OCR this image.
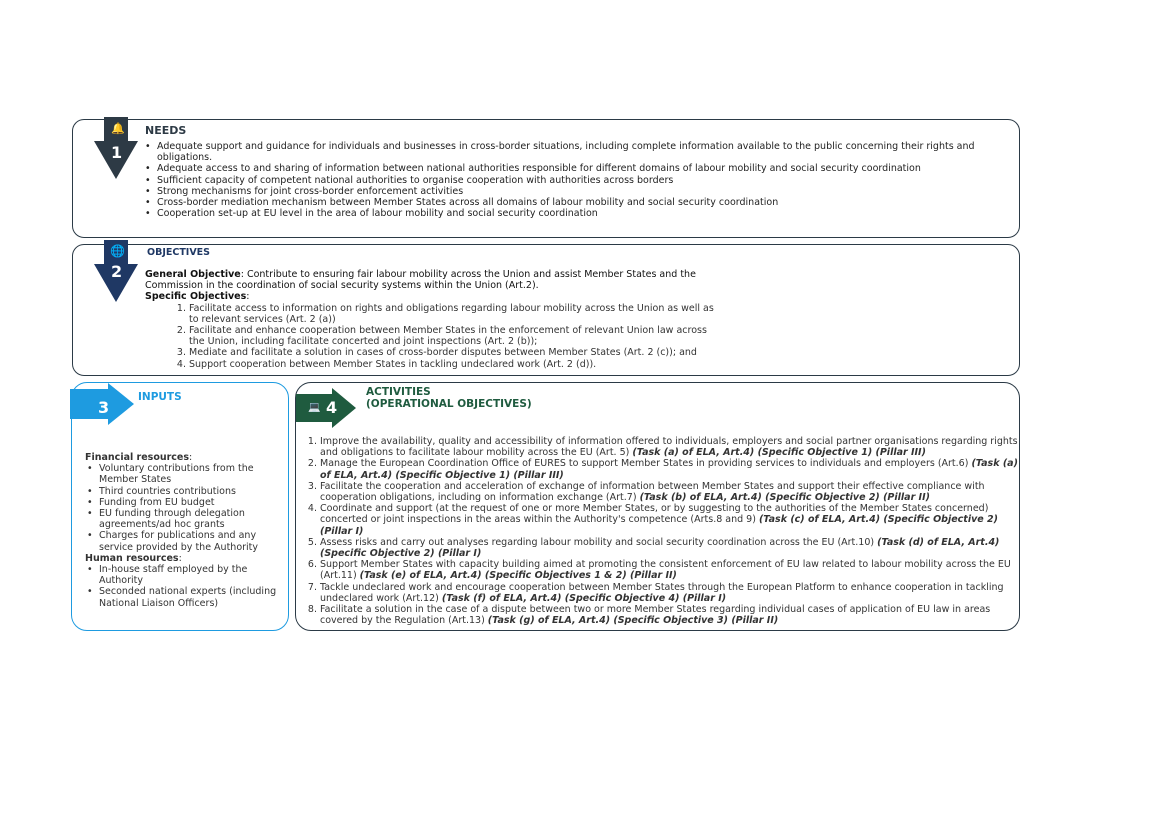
🔔
1
NEEDS
• Adequate support and guidance for individuals and businesses in cross-border situations, including complete information available to the public concerning their rights and obligations.
• Adequate access to and sharing of information between national authorities responsible for different domains of labour mobility and social security coordination
• Sufficient capacity of competent national authorities to organise cooperation with authorities across borders
• Strong mechanisms for joint cross-border enforcement activities
• Cross-border mediation mechanism between Member States across all domains of labour mobility and social security coordination
• Cooperation set-up at EU level in the area of labour mobility and social security coordination
🌐
2
OBJECTIVES
General Objective: Contribute to ensuring fair labour mobility across the Union and assist Member States and the Commission in the coordination of social security systems within the Union (Art.2).
Specific Objectives:
1. Facilitate access to information on rights and obligations regarding labour mobility across the Union as well as to relevant services (Art. 2 (a))
2. Facilitate and enhance cooperation between Member States in the enforcement of relevant Union law across the Union, including facilitate concerted and joint inspections (Art. 2 (b));
3. Mediate and facilitate a solution in cases of cross-border disputes between Member States (Art. 2 (c)); and
4. Support cooperation between Member States in tackling undeclared work (Art. 2 (d)).
3
INPUTS
Financial resources:
• Voluntary contributions from the Member States
• Third countries contributions
• Funding from EU budget
• EU funding through delegation agreements/ad hoc grants
• Charges for publications and any service provided by the Authority
Human resources:
• In-house staff employed by the Authority
• Seconded national experts (including National Liaison Officers)
💻 4
ACTIVITIES
(OPERATIONAL OBJECTIVES)
1. Improve the availability, quality and accessibility of information offered to individuals, employers and social partner organisations regarding rights and obligations to facilitate labour mobility across the EU (Art. 5) (Task (a) of ELA, Art.4) (Specific Objective 1) (Pillar III)
2. Manage the European Coordination Office of EURES to support Member States in providing services to individuals and employers (Art.6) (Task (a) of ELA, Art.4) (Specific Objective 1) (Pillar III)
3. Facilitate the cooperation and acceleration of exchange of information between Member States and support their effective compliance with cooperation obligations, including on information exchange (Art.7) (Task (b) of ELA, Art.4) (Specific Objective 2) (Pillar II)
4. Coordinate and support (at the request of one or more Member States, or by suggesting to the authorities of the Member States concerned) concerted or joint inspections in the areas within the Authority's competence (Arts.8 and 9) (Task (c) of ELA, Art.4) (Specific Objective 2) (Pillar I)
5. Assess risks and carry out analyses regarding labour mobility and social security coordination across the EU (Art.10) (Task (d) of ELA, Art.4) (Specific Objective 2) (Pillar I)
6. Support Member States with capacity building aimed at promoting the consistent enforcement of EU law related to labour mobility across the EU (Art.11) (Task (e) of ELA, Art.4) (Specific Objectives 1 & 2) (Pillar II)
7. Tackle undeclared work and encourage cooperation between Member States through the European Platform to enhance cooperation in tackling undeclared work (Art.12) (Task (f) of ELA, Art.4) (Specific Objective 4) (Pillar I)
8. Facilitate a solution in the case of a dispute between two or more Member States regarding individual cases of application of EU law in areas covered by the Regulation (Art.13) (Task (g) of ELA, Art.4) (Specific Objective 3) (Pillar II)
